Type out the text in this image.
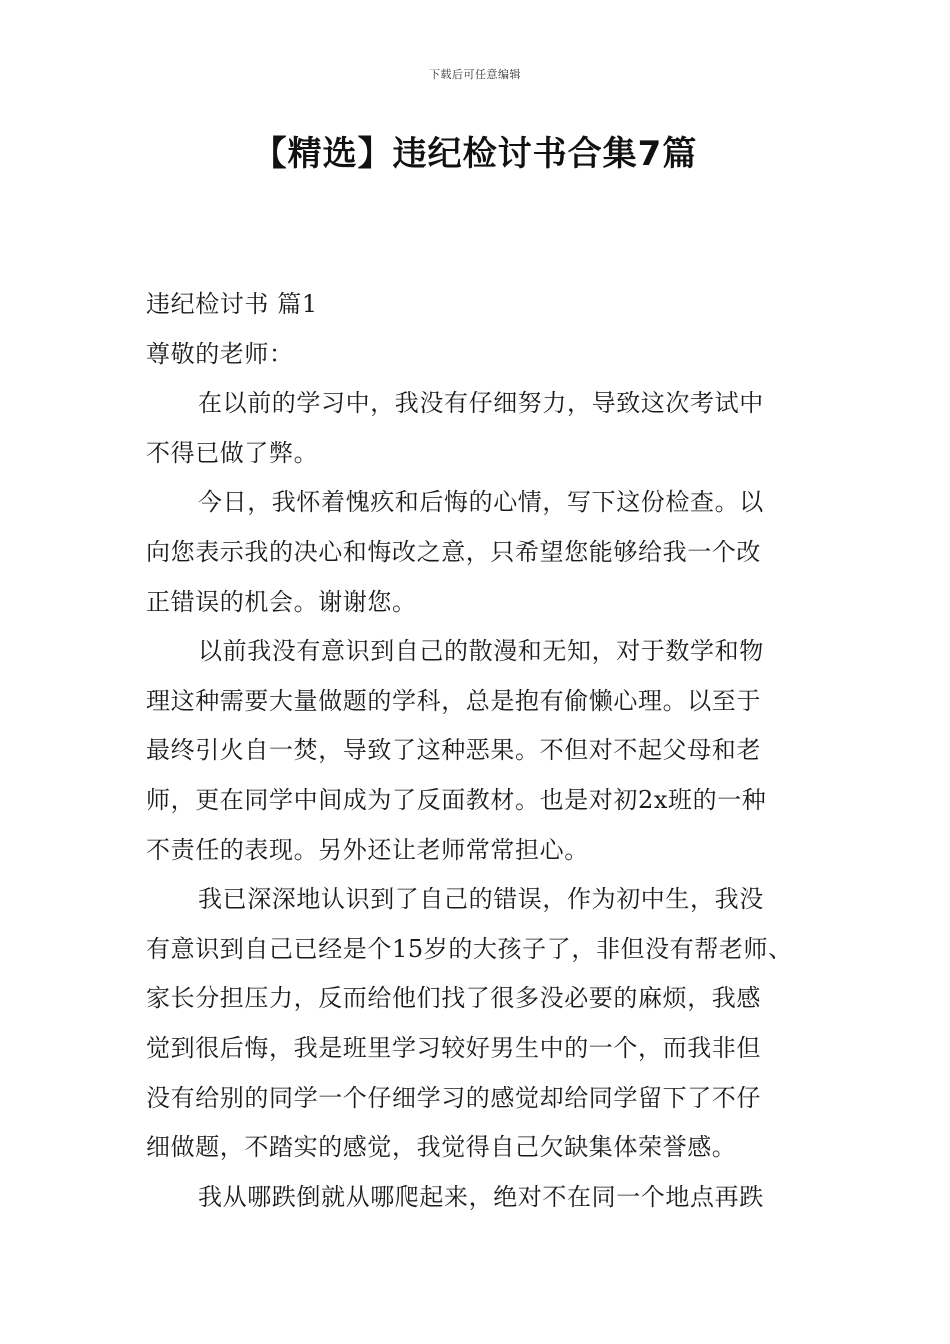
下载后可任意编辑
【精选】违纪检讨书合集7篇
违纪检讨书 篇1
尊敬的老师：
在以前的学习中，我没有仔细努力，导致这次考试中
不得已做了弊。
今日，我怀着愧疚和后悔的心情，写下这份检查。以
向您表示我的决心和悔改之意，只希望您能够给我一个改
正错误的机会。谢谢您。
以前我没有意识到自己的散漫和无知，对于数学和物
理这种需要大量做题的学科，总是抱有偷懒心理。以至于
最终引火自一焚，导致了这种恶果。不但对不起父母和老
师，更在同学中间成为了反面教材。也是对初2x班的一种
不责任的表现。另外还让老师常常担心。
我已深深地认识到了自己的错误，作为初中生，我没
有意识到自己已经是个15岁的大孩子了，非但没有帮老师、
家长分担压力，反而给他们找了很多没必要的麻烦，我感
觉到很后悔，我是班里学习较好男生中的一个，而我非但
没有给别的同学一个仔细学习的感觉却给同学留下了不仔
细做题，不踏实的感觉，我觉得自己欠缺集体荣誉感。
我从哪跌倒就从哪爬起来，绝对不在同一个地点再跌
